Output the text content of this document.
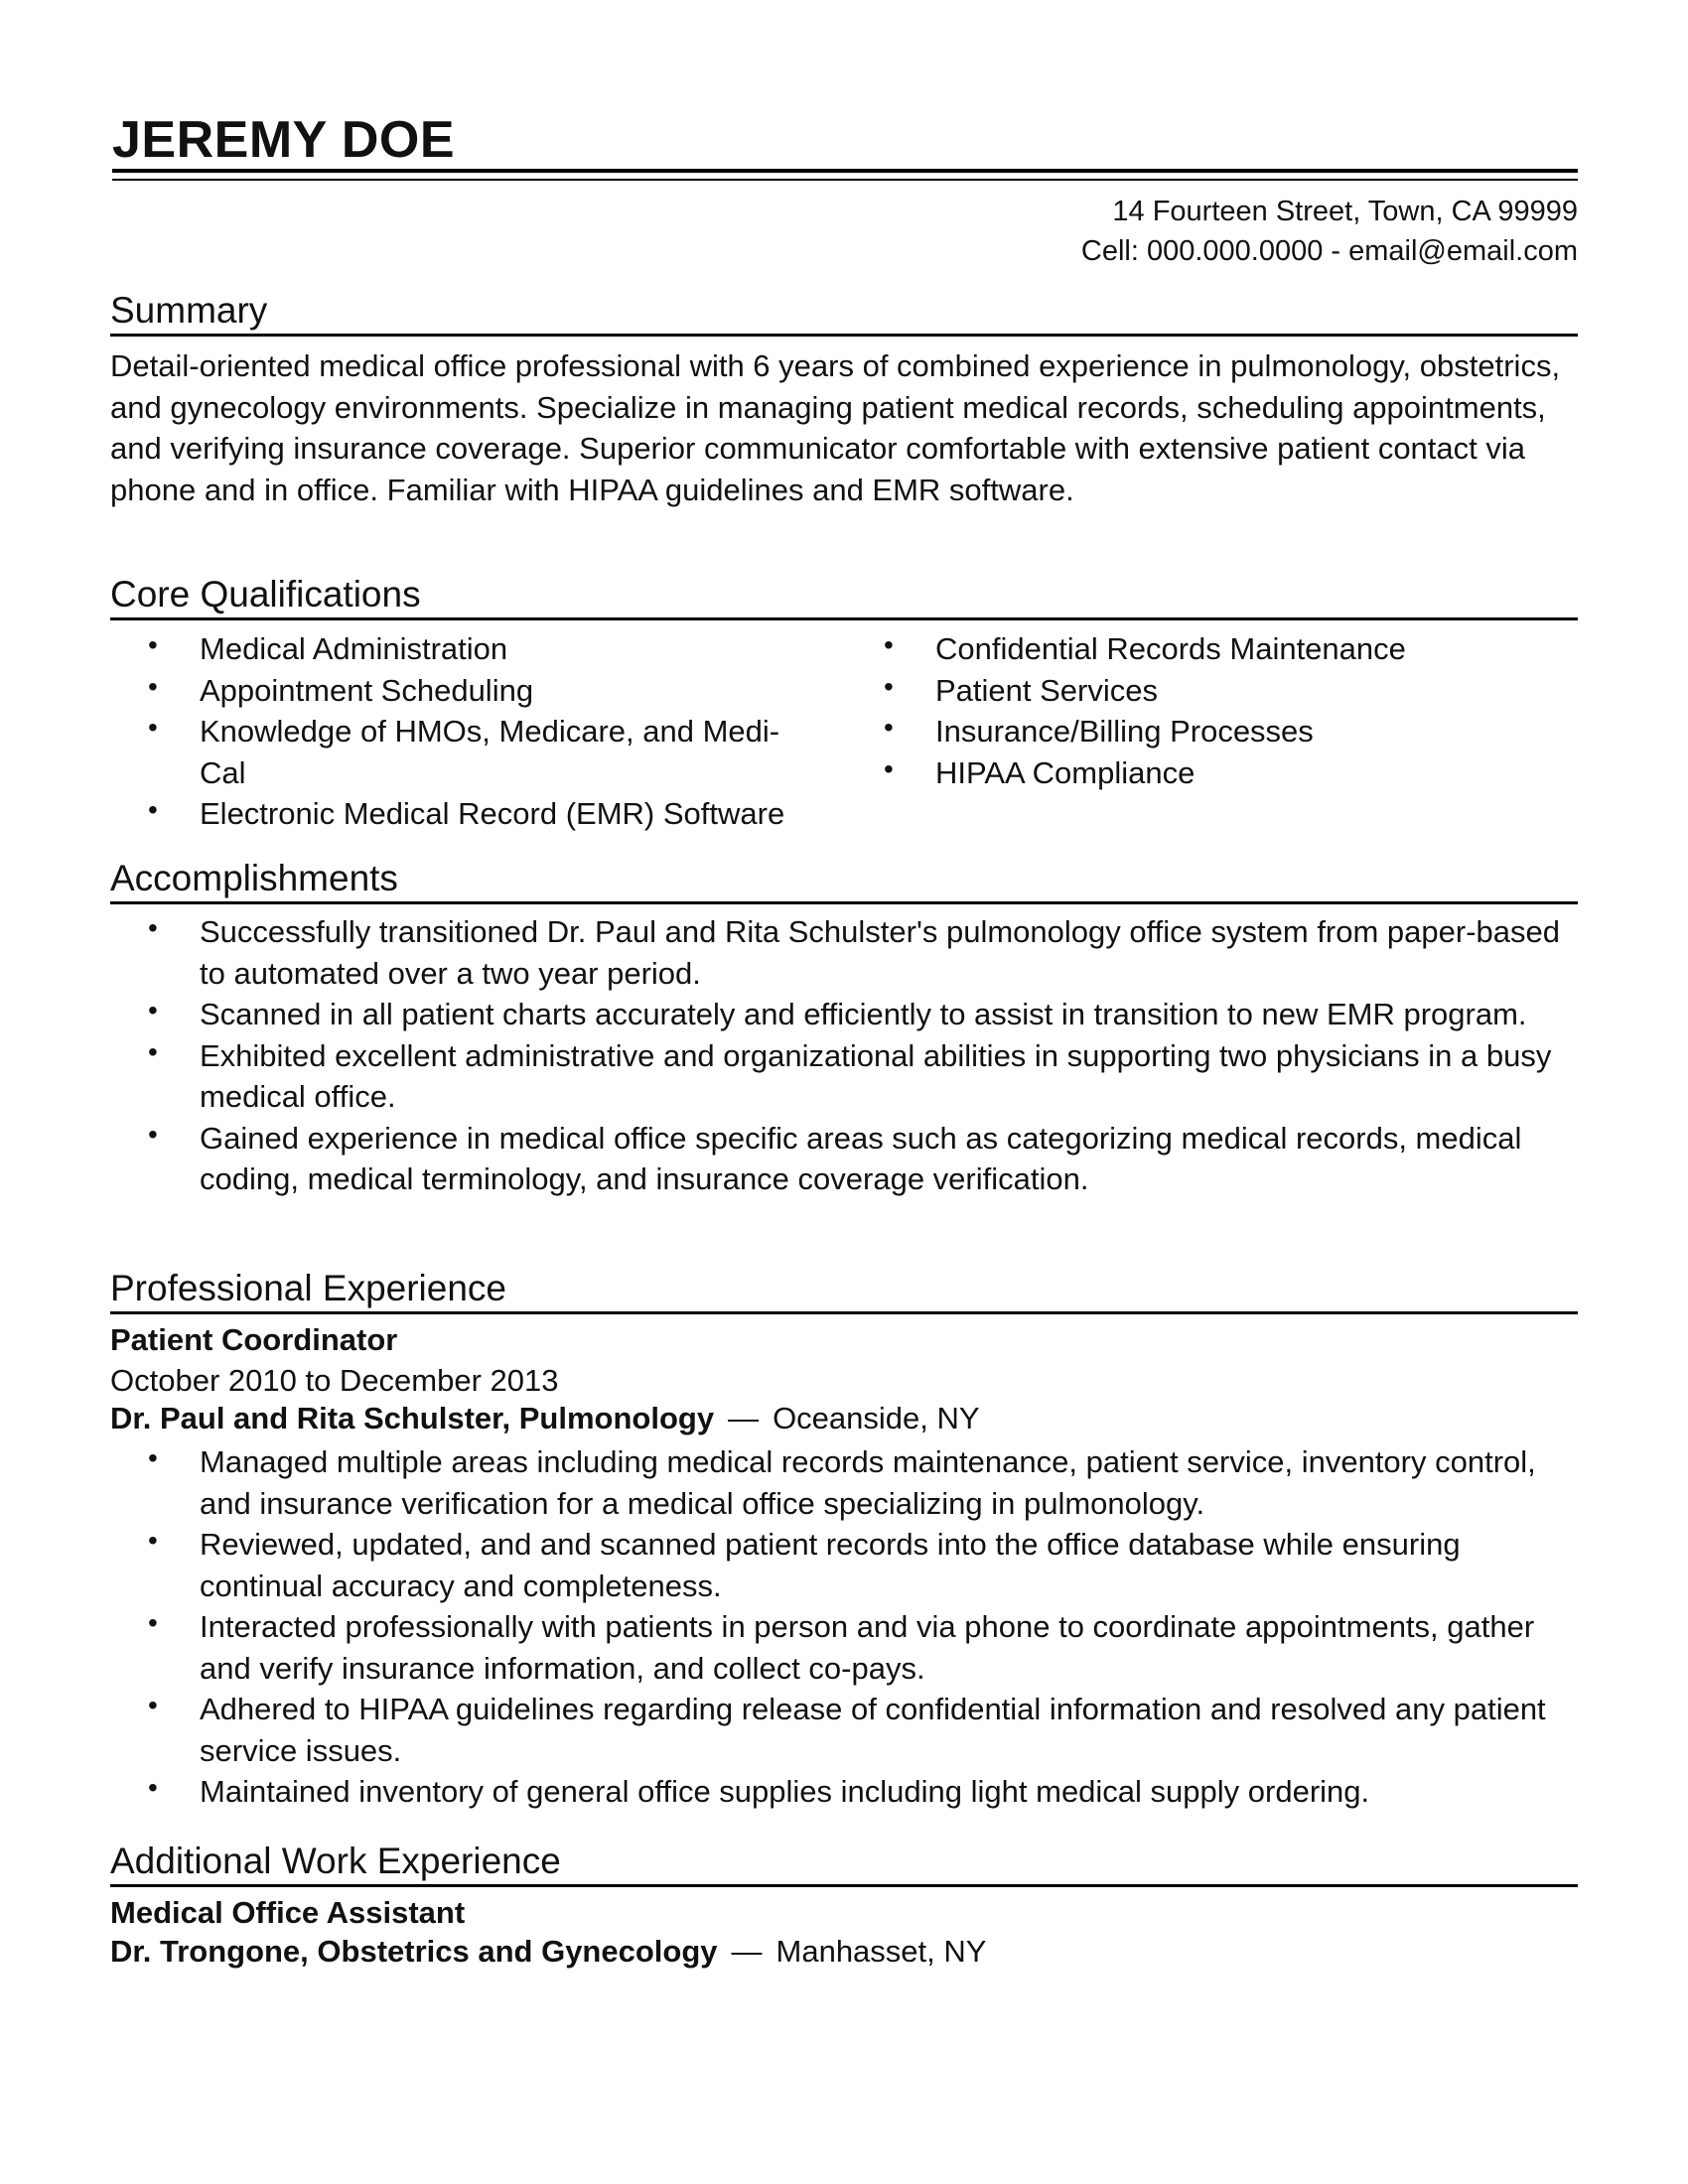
JEREMY DOE
14 Fourteen Street, Town, CA 99999
Cell: 000.000.0000 - email@email.com
Summary

Detail-oriented medical office professional with 6 years of combined experience in pulmonology, obstetrics, and gynecology environments. Specialize in managing patient medical records, scheduling appointments, and verifying insurance coverage. Superior communicator comfortable with extensive patient contact via phone and in office. Familiar with HIPAA guidelines and EMR software.

Core Qualifications
• Medical Administration
• Appointment Scheduling
• Knowledge of HMOs, Medicare, and Medi-Cal
• Electronic Medical Record (EMR) Software
• Confidential Records Maintenance
• Patient Services
• Insurance/Billing Processes
• HIPAA Compliance
Accomplishments
• Successfully transitioned Dr. Paul and Rita Schulster's pulmonology office system from paper-based to automated over a two year period.
• Scanned in all patient charts accurately and efficiently to assist in transition to new EMR program.
• Exhibited excellent administrative and organizational abilities in supporting two physicians in a busy medical office.
• Gained experience in medical office specific areas such as categorizing medical records, medical coding, medical terminology, and insurance coverage verification.
Professional Experience

Patient Coordinator

October 2010 to December 2013

Dr. Paul and Rita Schulster, Pulmonology — Oceanside, NY

• Managed multiple areas including medical records maintenance, patient service, inventory control, and insurance verification for a medical office specializing in pulmonology.
• Reviewed, updated, and and scanned patient records into the office database while ensuring continual accuracy and completeness.
• Interacted professionally with patients in person and via phone to coordinate appointments, gather and verify insurance information, and collect co-pays.
• Adhered to HIPAA guidelines regarding release of confidential information and resolved any patient service issues.
• Maintained inventory of general office supplies including light medical supply ordering.
Additional Work Experience

Medical Office Assistant

Dr. Trongone, Obstetrics and Gynecology — Manhasset, NY
